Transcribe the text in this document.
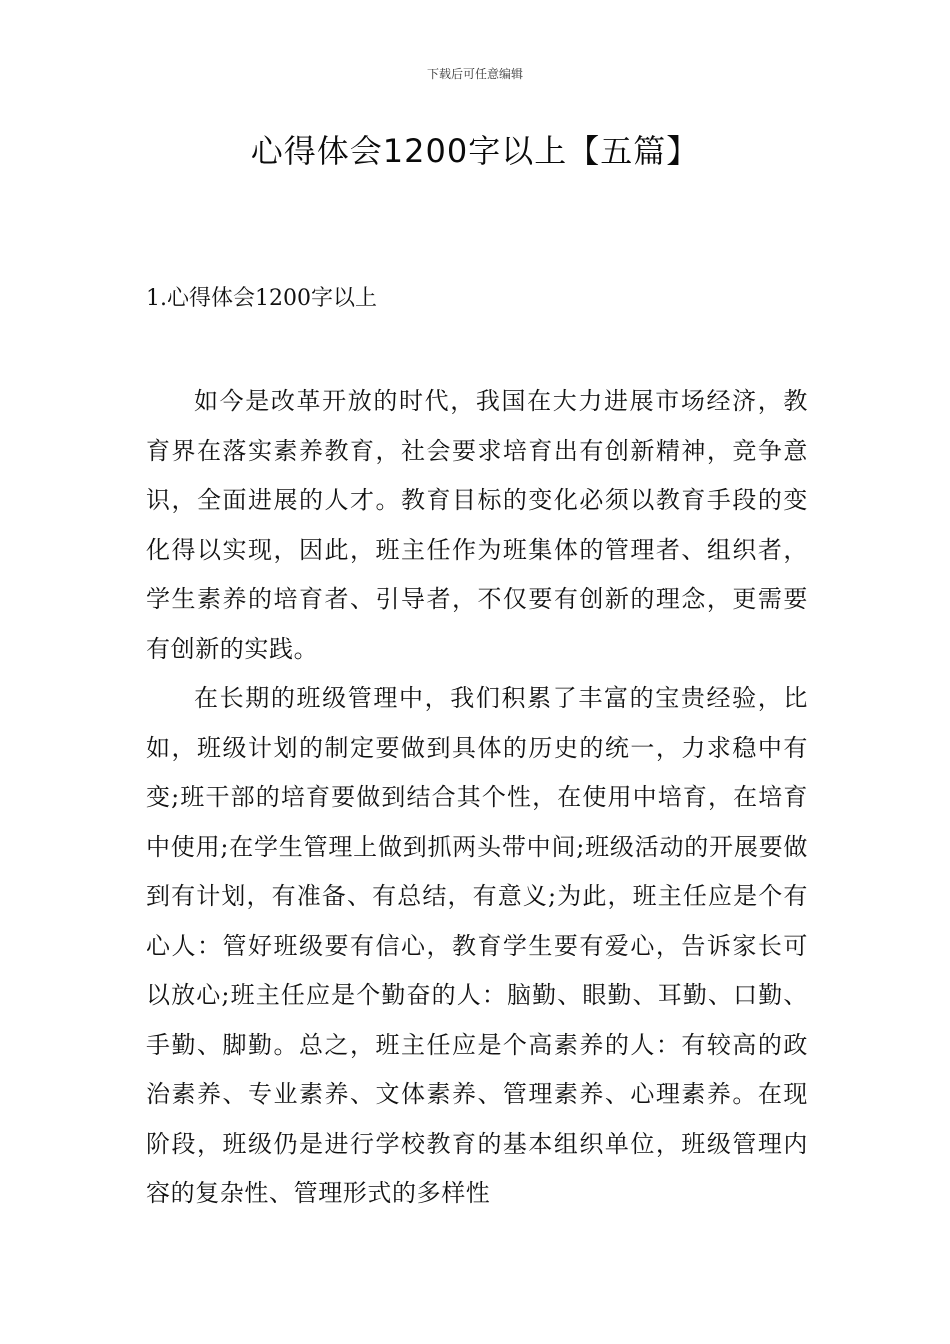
下载后可任意编辑
心得体会1200字以上【五篇】
1.心得体会1200字以上

如今是改革开放的时代，我国在大力进展市场经济，教育界在落实素养教育，社会要求培育出有创新精神，竞争意识，全面进展的人才。教育目标的变化必须以教育手段的变化得以实现，因此，班主任作为班集体的管理者、组织者，学生素养的培育者、引导者，不仅要有创新的理念，更需要有创新的实践。

在长期的班级管理中，我们积累了丰富的宝贵经验，比如，班级计划的制定要做到具体的历史的统一，力求稳中有变;班干部的培育要做到结合其个性，在使用中培育，在培育中使用;在学生管理上做到抓两头带中间;班级活动的开展要做到有计划，有准备、有总结，有意义;为此，班主任应是个有心人：管好班级要有信心，教育学生要有爱心，告诉家长可以放心;班主任应是个勤奋的人：脑勤、眼勤、耳勤、口勤、手勤、脚勤。总之，班主任应是个高素养的人：有较高的政治素养、专业素养、文体素养、管理素养、心理素养。在现阶段，班级仍是进行学校教育的基本组织单位，班级管理内容的复杂性、管理形式的多样性
